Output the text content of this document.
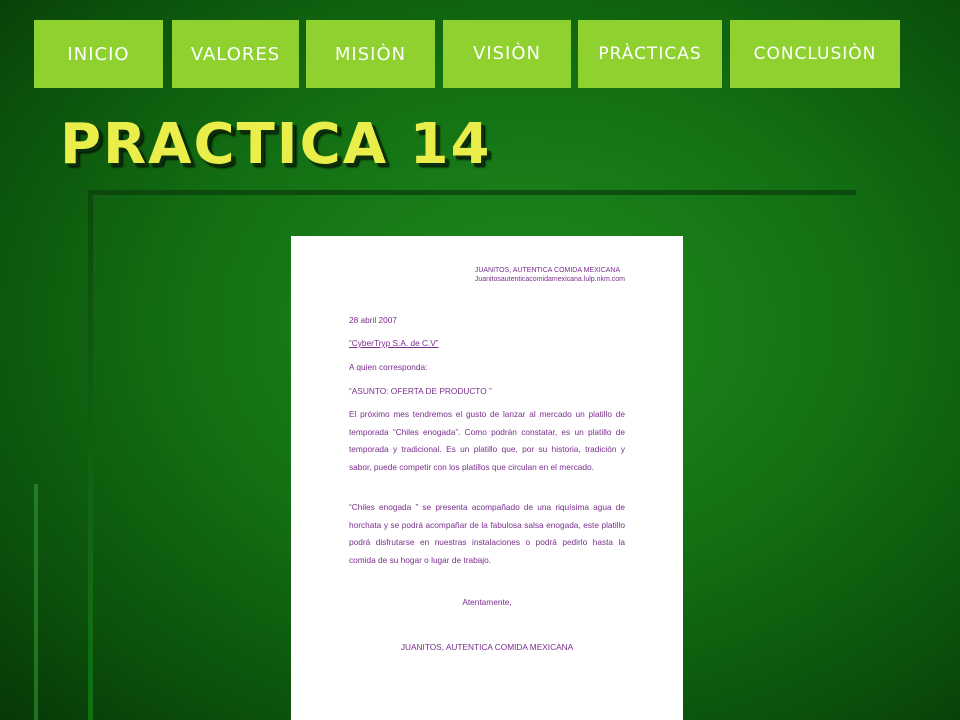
INICIO	VALORES	MISIÒN	VISIÒN	PRÀCTICAS	CONCLUSIÒN
PRACTICA 14
JUANITOS, AUTENTICA COMIDA MEXICANA
Juanitosautenticacomidamexicana.lulp.nkm.com
28 abril 2007
“CyberTryp S.A. de C.V”
A quien corresponda:
“ASUNTO: OFERTA DE PRODUCTO ”
El próximo mes tendremos el gusto de lanzar al mercado un platillo de temporada “Chiles enogada”. Como podrán constatar, es un platillo de temporada y tradicional. Es un platillo que, por su historia, tradición y sabor, puede competir con los platillos que circulan en el mercado.
“Chiles enogada ” se presenta acompañado de una riquísima agua de horchata y se podrá acompañar de la fabulosa salsa enogada, este platillo podrá disfrutarse en nuestras instalaciones o podrá pedirlo hasta la comida de su hogar o lugar de trabajo.
Atentamente,
JUANITOS, AUTENTICA COMIDA MEXICANA
